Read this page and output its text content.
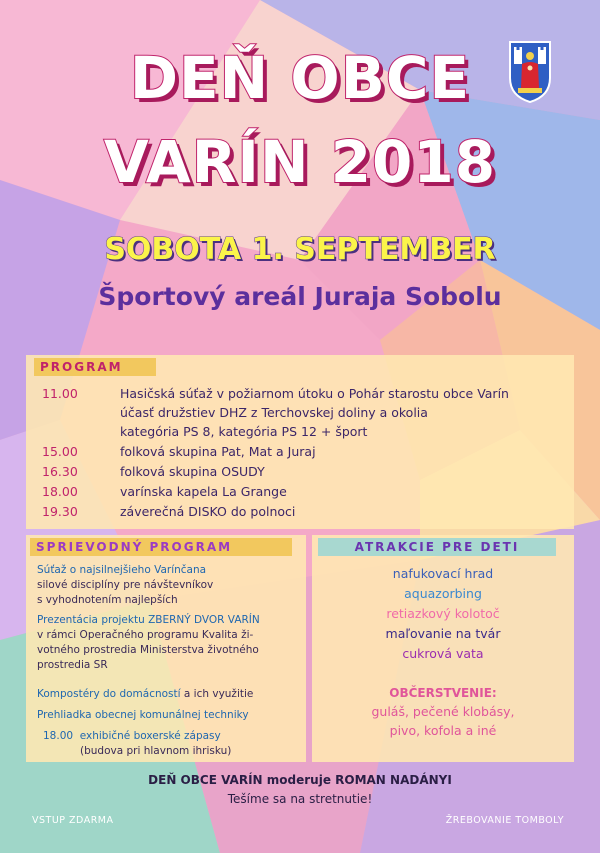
DEŇ OBCE
VARÍN 2018

SOBOTA 1. SEPTEMBER

Športový areál Juraja Sobolu

PROGRAM

11.00	Hasičská súťaž v požiarnom útoku o Pohár starostu obce Varín
účasť družstiev DHZ z Terchovskej doliny a okolia
kategória PS 8, kategória PS 12 + šport
15.00	folková skupina Pat, Mat a Juraj
16.30	folková skupina OSUDY
18.00	varínska kapela La Grange
19.30	záverečná DISKO do polnoci

SPRIEVODNÝ PROGRAM	ATRAKCIE PRE DETI

Súťaž o najsilnejšieho Varínčana
silové disciplíny pre návštevníkov
s vyhodnotením najlepších
Prezentácia projektu ZBERNÝ DVOR VARÍN
v rámci Operačného programu Kvalita ži-
votného prostredia Ministerstva životného
prostredia SR
Kompostéry do domácností a ich využitie
Prehliadka obecnej komunálnej techniky
18.00  exhibičné boxerské zápasy
(budova pri hlavnom ihrisku)
nafukovací hrad
aquazorbing
retiazkový kolotoč
maľovanie na tvár
cukrová vata
OBČERSTVENIE:
guláš, pečené klobásy,
pivo, kofola a iné

DEŇ OBCE VARÍN moderuje ROMAN NADÁNYI

Tešíme sa na stretnutie!

VSTUP ZDARMA	ŽREBOVANIE TOMBOLY
